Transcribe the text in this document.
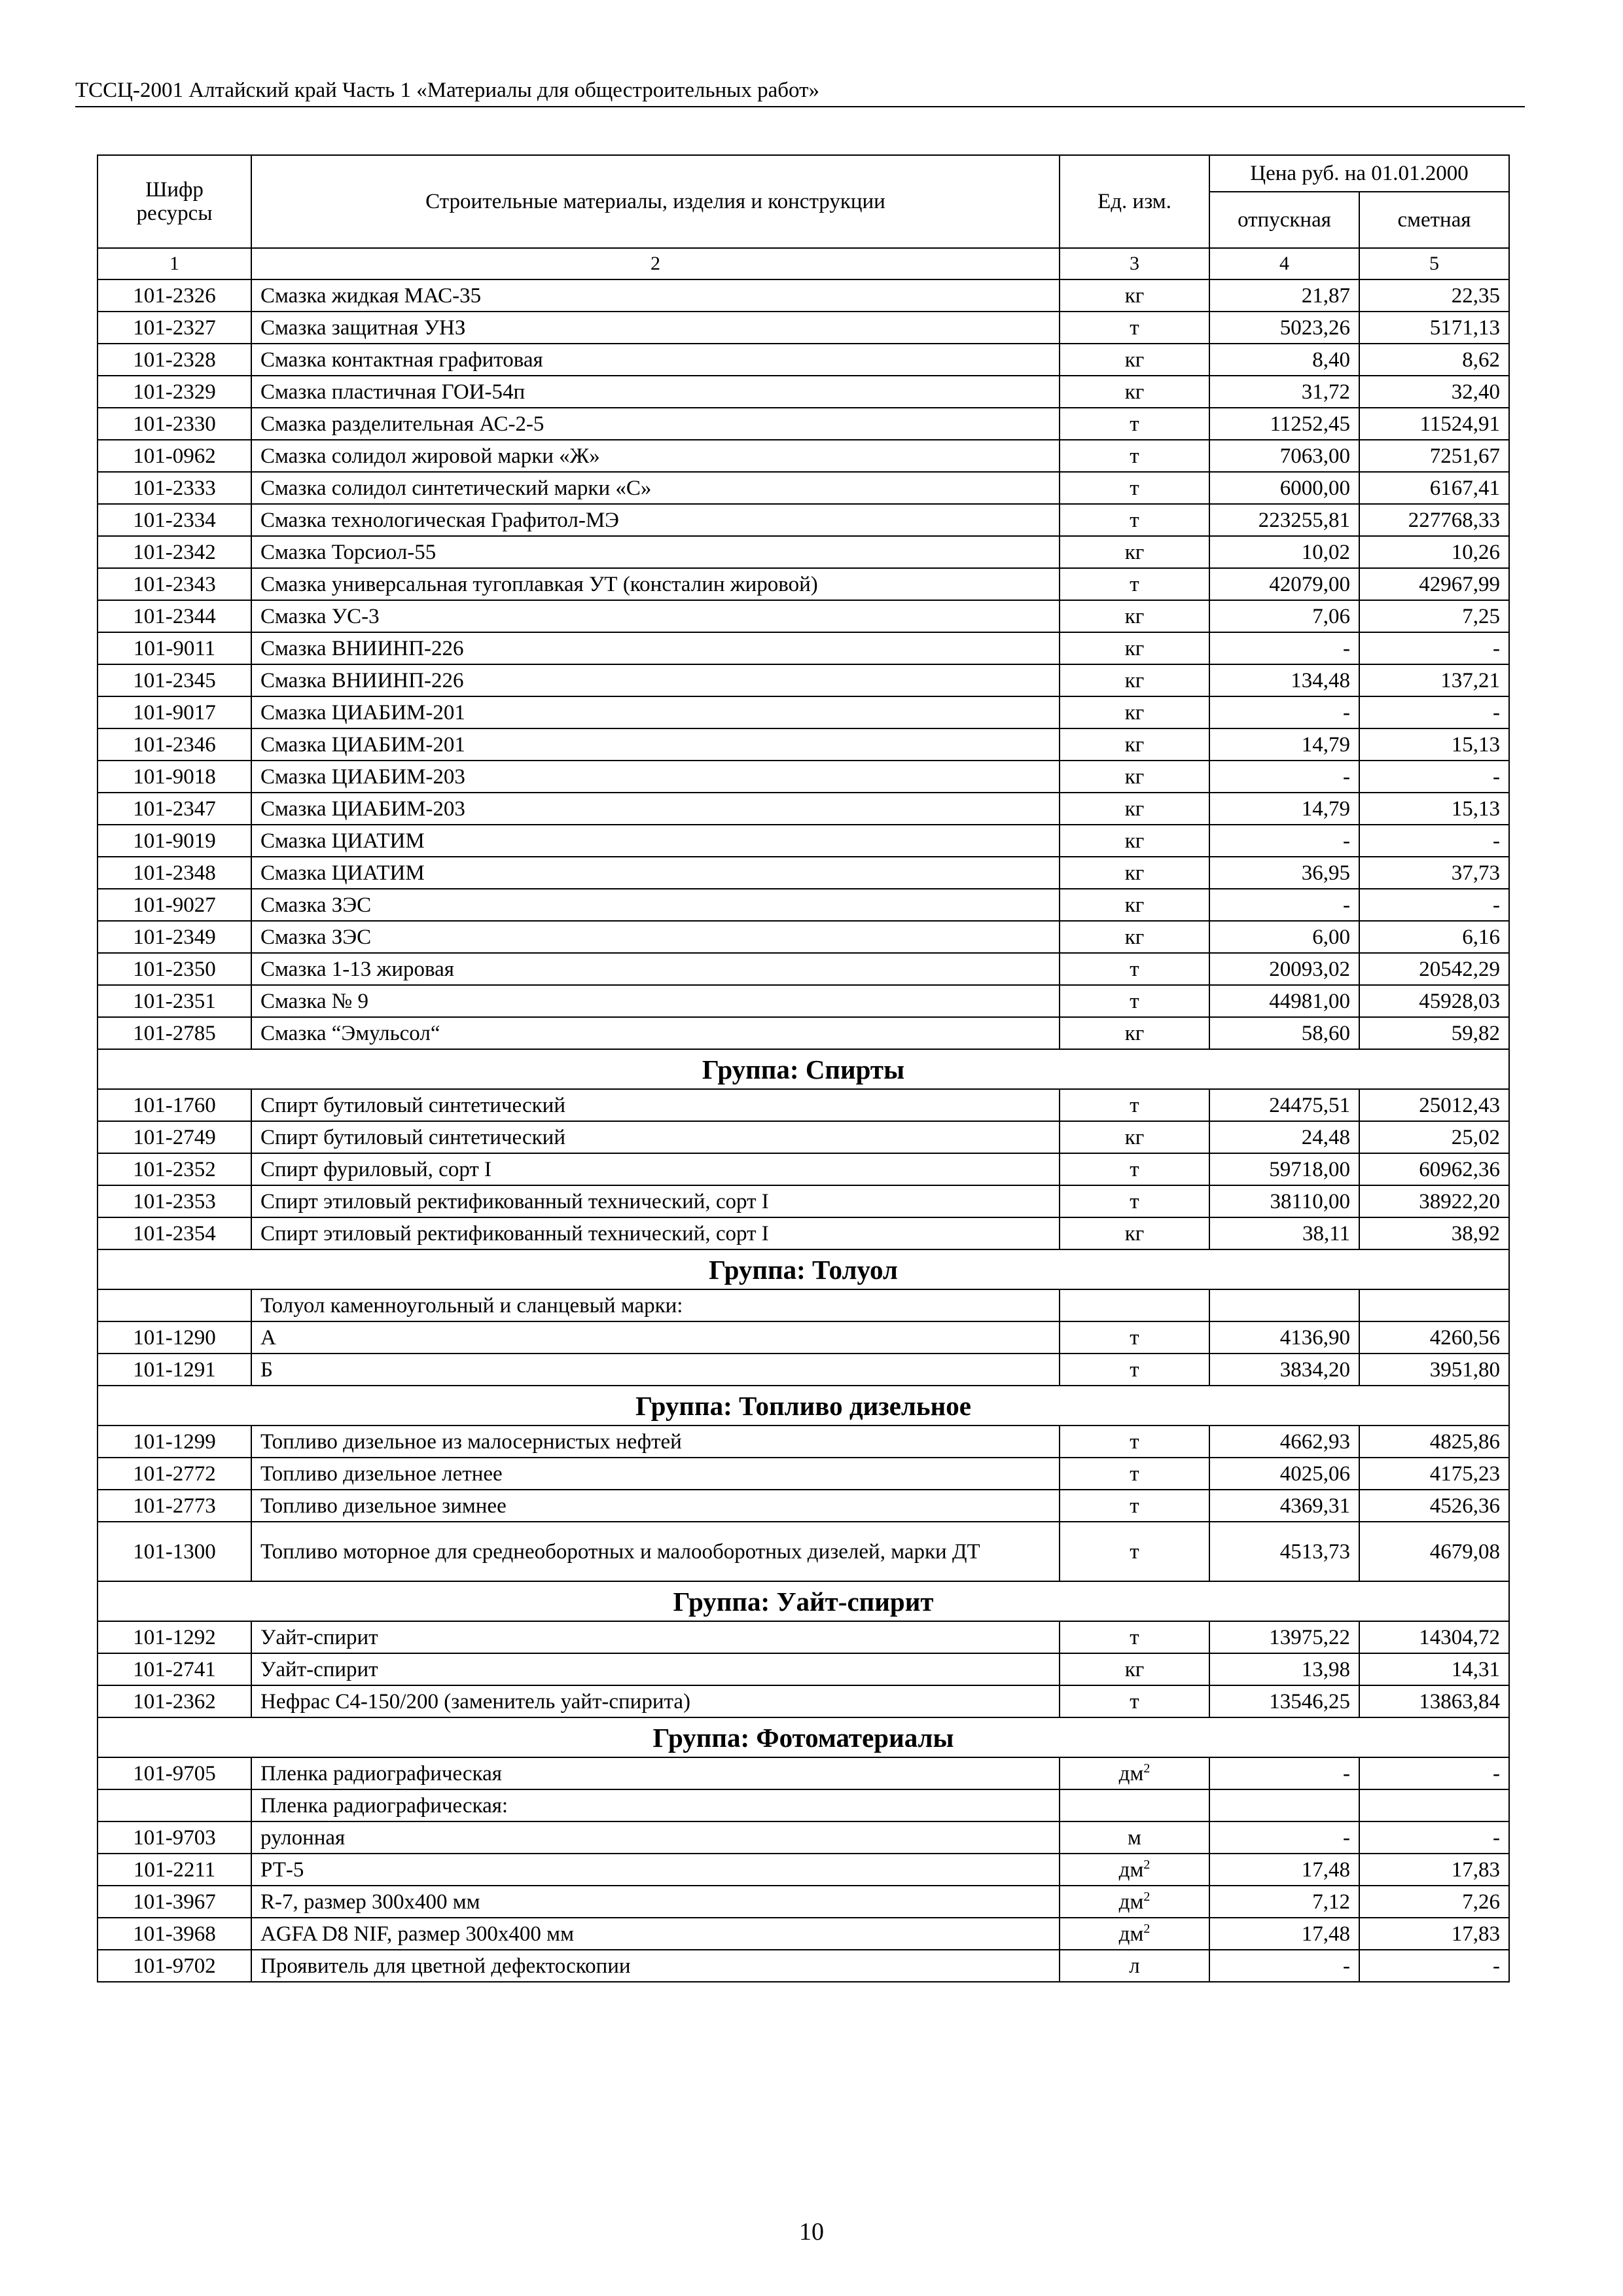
ТССЦ-2001 Алтайский край Часть 1 «Материалы для общестроительных работ»
Шифр ресурсы	Строительные материалы, изделия и конструкции	Ед. изм.	Цена руб. на 01.01.2000	
			отпускная	сметная
1	2	3	4	5
101-2326	Смазка жидкая МАС-35	кг	21,87	22,35
101-2327	Смазка защитная УНЗ	т	5023,26	5171,13
101-2328	Смазка контактная графитовая	кг	8,40	8,62
101-2329	Смазка пластичная ГОИ-54п	кг	31,72	32,40
101-2330	Смазка разделительная АС-2-5	т	11252,45	11524,91
101-0962	Смазка солидол жировой марки «Ж»	т	7063,00	7251,67
101-2333	Смазка солидол синтетический марки «С»	т	6000,00	6167,41
101-2334	Смазка технологическая Графитол-МЭ	т	223255,81	227768,33
101-2342	Смазка Торсиол-55	кг	10,02	10,26
101-2343	Смазка универсальная тугоплавкая УТ (консталин жировой)	т	42079,00	42967,99
101-2344	Смазка УС-3	кг	7,06	7,25
101-9011	Смазка ВНИИНП-226	кг	-	-
101-2345	Смазка ВНИИНП-226	кг	134,48	137,21
101-9017	Смазка ЦИАБИМ-201	кг	-	-
101-2346	Смазка ЦИАБИМ-201	кг	14,79	15,13
101-9018	Смазка ЦИАБИМ-203	кг	-	-
101-2347	Смазка ЦИАБИМ-203	кг	14,79	15,13
101-9019	Смазка ЦИАТИМ	кг	-	-
101-2348	Смазка ЦИАТИМ	кг	36,95	37,73
101-9027	Смазка ЗЭС	кг	-	-
101-2349	Смазка ЗЭС	кг	6,00	6,16
101-2350	Смазка 1-13 жировая	т	20093,02	20542,29
101-2351	Смазка № 9	т	44981,00	45928,03
101-2785	Смазка “Эмульсол“	кг	58,60	59,82
Группа: Спирты				
101-1760	Спирт бутиловый синтетический	т	24475,51	25012,43
101-2749	Спирт бутиловый синтетический	кг	24,48	25,02
101-2352	Спирт фуриловый, сорт I	т	59718,00	60962,36
101-2353	Спирт этиловый ректификованный технический, сорт I	т	38110,00	38922,20
101-2354	Спирт этиловый ректификованный технический, сорт I	кг	38,11	38,92
Группа: Толуол				
	Толуол каменноугольный и сланцевый марки:			
101-1290	А	т	4136,90	4260,56
101-1291	Б	т	3834,20	3951,80
Группа: Топливо дизельное				
101-1299	Топливо дизельное из малосернистых нефтей	т	4662,93	4825,86
101-2772	Топливо дизельное летнее	т	4025,06	4175,23
101-2773	Топливо дизельное зимнее	т	4369,31	4526,36
101-1300	Топливо моторное для среднеоборотных и малооборотных дизелей, марки ДТ	т	4513,73	4679,08
Группа: Уайт-спирит				
101-1292	Уайт-спирит	т	13975,22	14304,72
101-2741	Уайт-спирит	кг	13,98	14,31
101-2362	Нефрас С4-150/200 (заменитель уайт-спирита)	т	13546,25	13863,84
Группа: Фотоматериалы				
101-9705	Пленка радиографическая	$дм^2$	-	-
	Пленка радиографическая:			
101-9703	рулонная	м	-	-
101-2211	РТ-5	$дм^2$	17,48	17,83
101-3967	R-7, размер 300х400 мм	$дм^2$	7,12	7,26
101-3968	AGFA D8 NIF, размер 300х400 мм	$дм^2$	17,48	17,83
101-9702	Проявитель для цветной дефектоскопии	л	-	-
10
